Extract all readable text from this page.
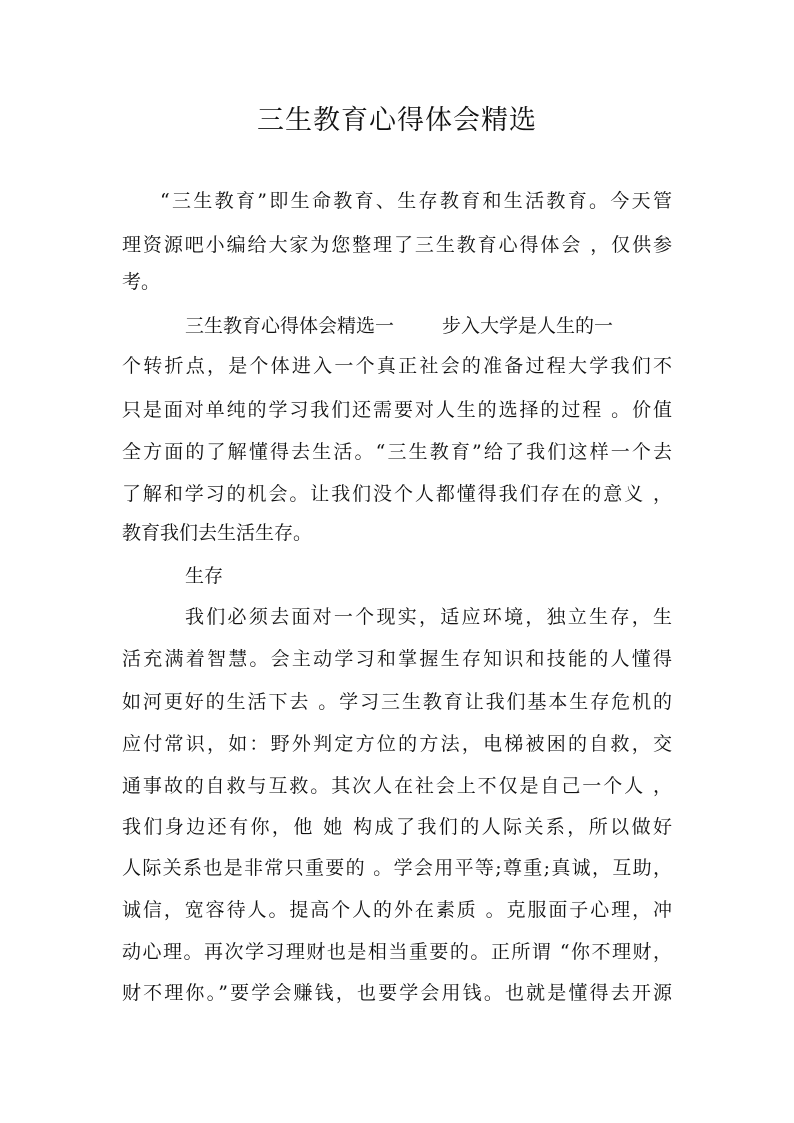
三生教育心得体会精选

“三生教育”即生命教育、生存教育和生活教育。今天管

理资源吧小编给大家为您整理了三生教育心得体会 ，仅供参

考。

三生教育心得体会精选一	步入大学是人生的一

个转折点，是个体进入一个真正社会的准备过程大学我们不

只是面对单纯的学习我们还需要对人生的选择的过程 。价值

全方面的了解懂得去生活。“三生教育”给了我们这样一个去

了解和学习的机会。让我们没个人都懂得我们存在的意义 ，

教育我们去生活生存。

生存

我们必须去面对一个现实，适应环境，独立生存，生

活充满着智慧。会主动学习和掌握生存知识和技能的人懂得

如河更好的生活下去 。学习三生教育让我们基本生存危机的

应付常识，如：野外判定方位的方法，电梯被困的自救，交

通事故的自救与互救。其次人在社会上不仅是自己一个人 ，

我们身边还有你，他 她 构成了我们的人际关系，所以做好

人际关系也是非常只重要的 。学会用平等;尊重;真诚，互助，

诚信，宽容待人。提高个人的外在素质 。克服面子心理，冲

动心理。再次学习理财也是相当重要的。正所谓 “你不理财，

财不理你。”要学会赚钱，也要学会用钱。也就是懂得去开源
